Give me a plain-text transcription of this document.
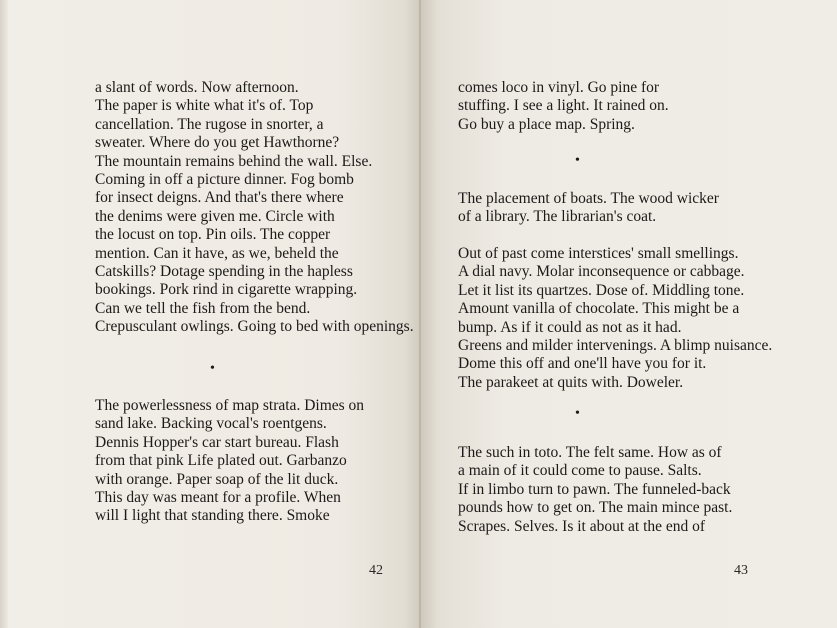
a slant of words. Now afternoon.
The paper is white what it's of. Top
cancellation. The rugose in snorter, a
sweater. Where do you get Hawthorne?
The mountain remains behind the wall. Else.
Coming in off a picture dinner. Fog bomb
for insect deigns. And that's there where
the denims were given me. Circle with
the locust on top. Pin oils. The copper
mention. Can it have, as we, beheld the
Catskills? Dotage spending in the hapless
bookings. Pork rind in cigarette wrapping.
Can we tell the fish from the bend.
Crepusculant owlings. Going to bed with openings.
•
The powerlessness of map strata. Dimes on
sand lake. Backing vocal's roentgens.
Dennis Hopper's car start bureau. Flash
from that pink Life plated out. Garbanzo
with orange. Paper soap of the lit duck.
This day was meant for a profile. When
will I light that standing there. Smoke
42
comes loco in vinyl. Go pine for
stuffing. I see a light. It rained on.
Go buy a place map. Spring.
•
The placement of boats. The wood wicker
of a library. The librarian's coat.
Out of past come interstices' small smellings.
A dial navy. Molar inconsequence or cabbage.
Let it list its quartzes. Dose of. Middling tone.
Amount vanilla of chocolate. This might be a
bump. As if it could as not as it had.
Greens and milder intervenings. A blimp nuisance.
Dome this off and one'll have you for it.
The parakeet at quits with. Doweler.
•
The such in toto. The felt same. How as of
a main of it could come to pause. Salts.
If in limbo turn to pawn. The funneled-back
pounds how to get on. The main mince past.
Scrapes. Selves. Is it about at the end of
43
